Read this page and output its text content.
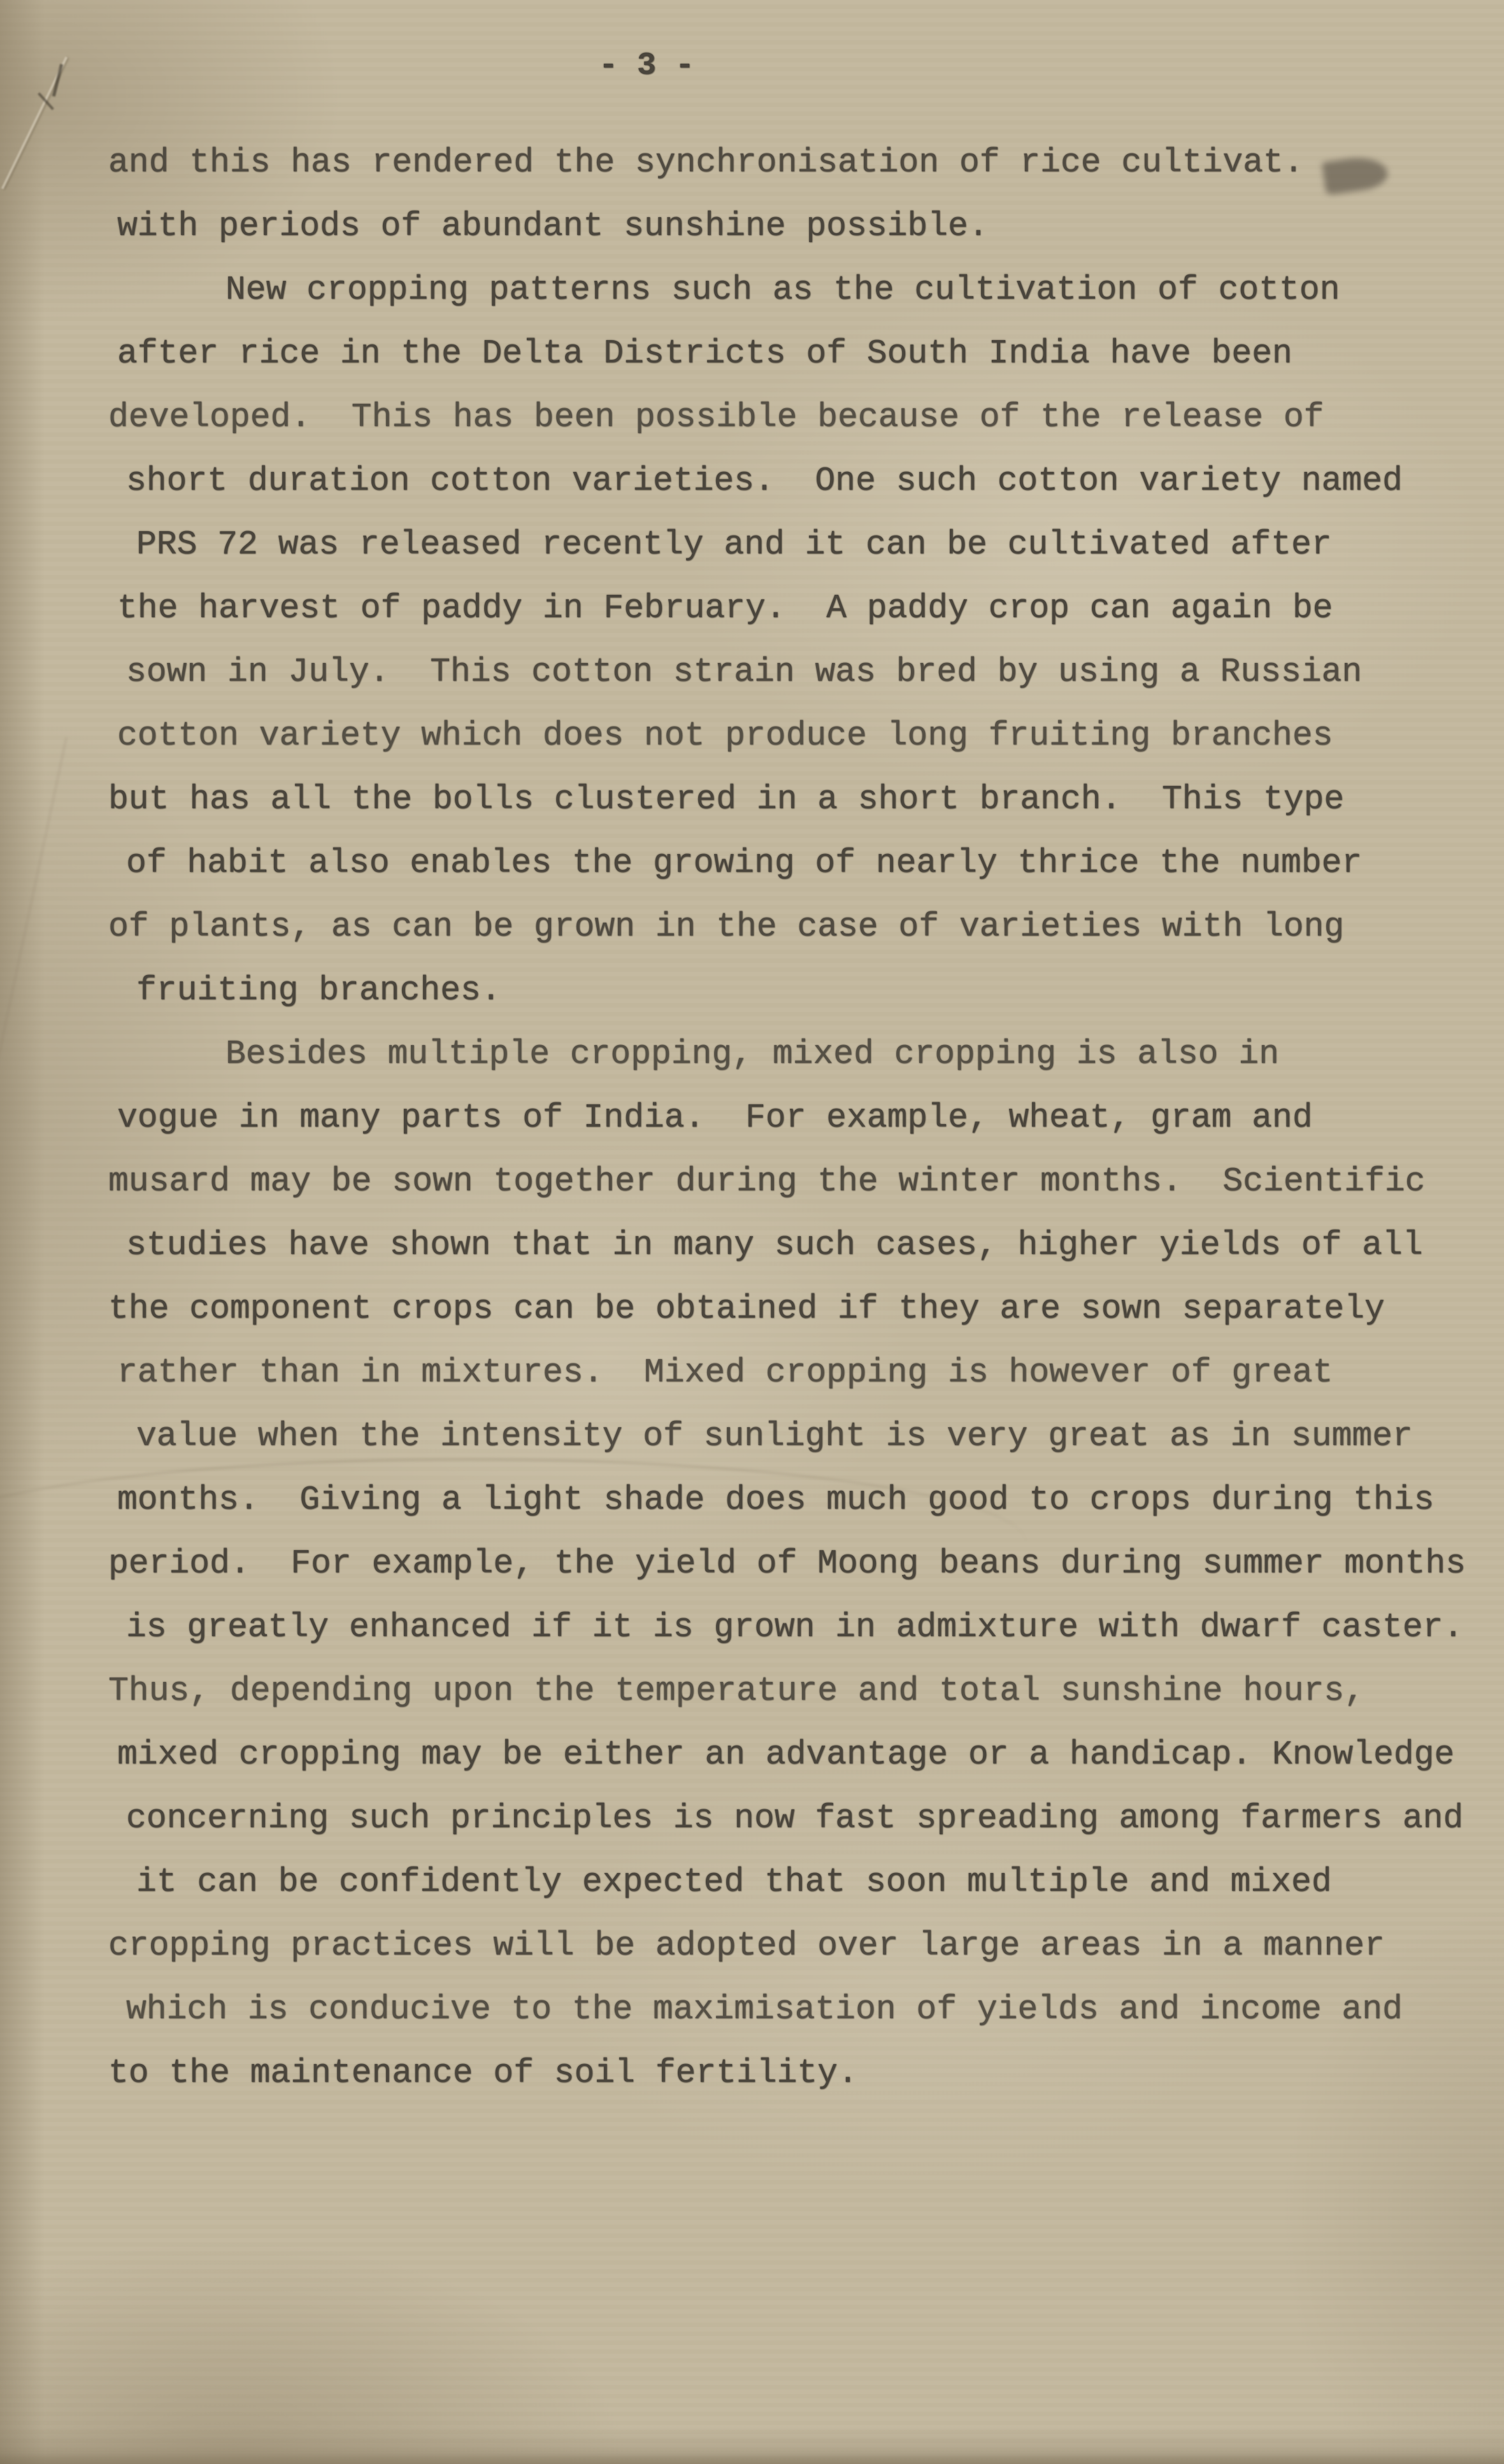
- 3 -
and this has rendered the synchronisation of rice cultivat.
with periods of abundant sunshine possible.
New cropping patterns such as the cultivation of cotton
after rice in the Delta Districts of South India have been
developed.  This has been possible because of the release of
short duration cotton varieties.  One such cotton variety named
PRS 72 was released recently and it can be cultivated after
the harvest of paddy in February.  A paddy crop can again be
sown in July.  This cotton strain was bred by using a Russian
cotton variety which does not produce long fruiting branches
but has all the bolls clustered in a short branch.  This type
of habit also enables the growing of nearly thrice the number
of plants, as can be grown in the case of varieties with long
fruiting branches.
Besides multiple cropping, mixed cropping is also in
vogue in many parts of India.  For example, wheat, gram and
musard may be sown together during the winter months.  Scientific
studies have shown that in many such cases, higher yields of all
the component crops can be obtained if they are sown separately
rather than in mixtures.  Mixed cropping is however of great
value when the intensity of sunlight is very great as in summer
months.  Giving a light shade does much good to crops during this
period.  For example, the yield of Moong beans during summer months
is greatly enhanced if it is grown in admixture with dwarf caster.
Thus, depending upon the temperature and total sunshine hours,
mixed cropping may be either an advantage or a handicap. Knowledge
concerning such principles is now fast spreading among farmers and
it can be confidently expected that soon multiple and mixed
cropping practices will be adopted over large areas in a manner
which is conducive to the maximisation of yields and income and
to the maintenance of soil fertility.
